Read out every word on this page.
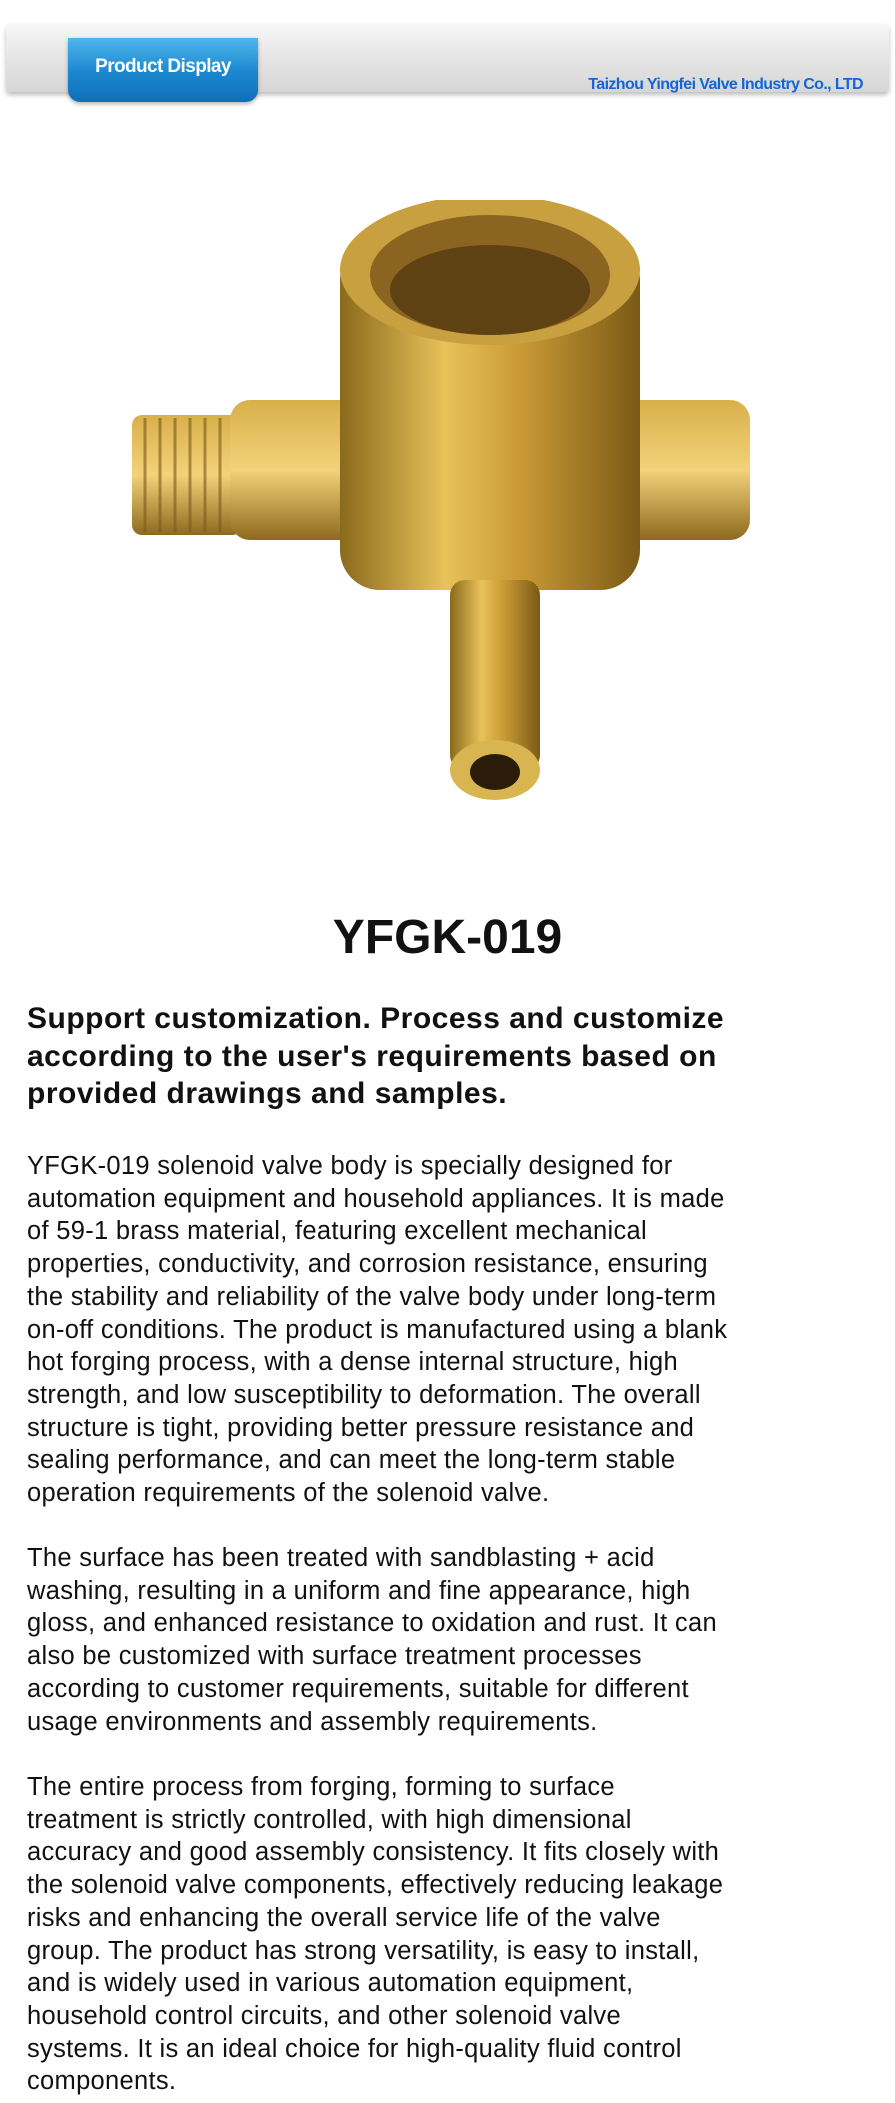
Product Display
Taizhou Yingfei Valve Industry Co., LTD
YFGK-019
Support customization. Process and customize
according to the user's requirements based on
provided drawings and samples.
YFGK-019 solenoid valve body is specially designed for
automation equipment and household appliances. It is made
of 59-1 brass material, featuring excellent mechanical
properties, conductivity, and corrosion resistance, ensuring
the stability and reliability of the valve body under long-term
on-off conditions. The product is manufactured using a blank
hot forging process, with a dense internal structure, high
strength, and low susceptibility to deformation. The overall
structure is tight, providing better pressure resistance and
sealing performance, and can meet the long-term stable
operation requirements of the solenoid valve.
The surface has been treated with sandblasting + acid
washing, resulting in a uniform and fine appearance, high
gloss, and enhanced resistance to oxidation and rust. It can
also be customized with surface treatment processes
according to customer requirements, suitable for different
usage environments and assembly requirements.
The entire process from forging, forming to surface
treatment is strictly controlled, with high dimensional
accuracy and good assembly consistency. It fits closely with
the solenoid valve components, effectively reducing leakage
risks and enhancing the overall service life of the valve
group. The product has strong versatility, is easy to install,
and is widely used in various automation equipment,
household control circuits, and other solenoid valve
systems. It is an ideal choice for high-quality fluid control
components.
